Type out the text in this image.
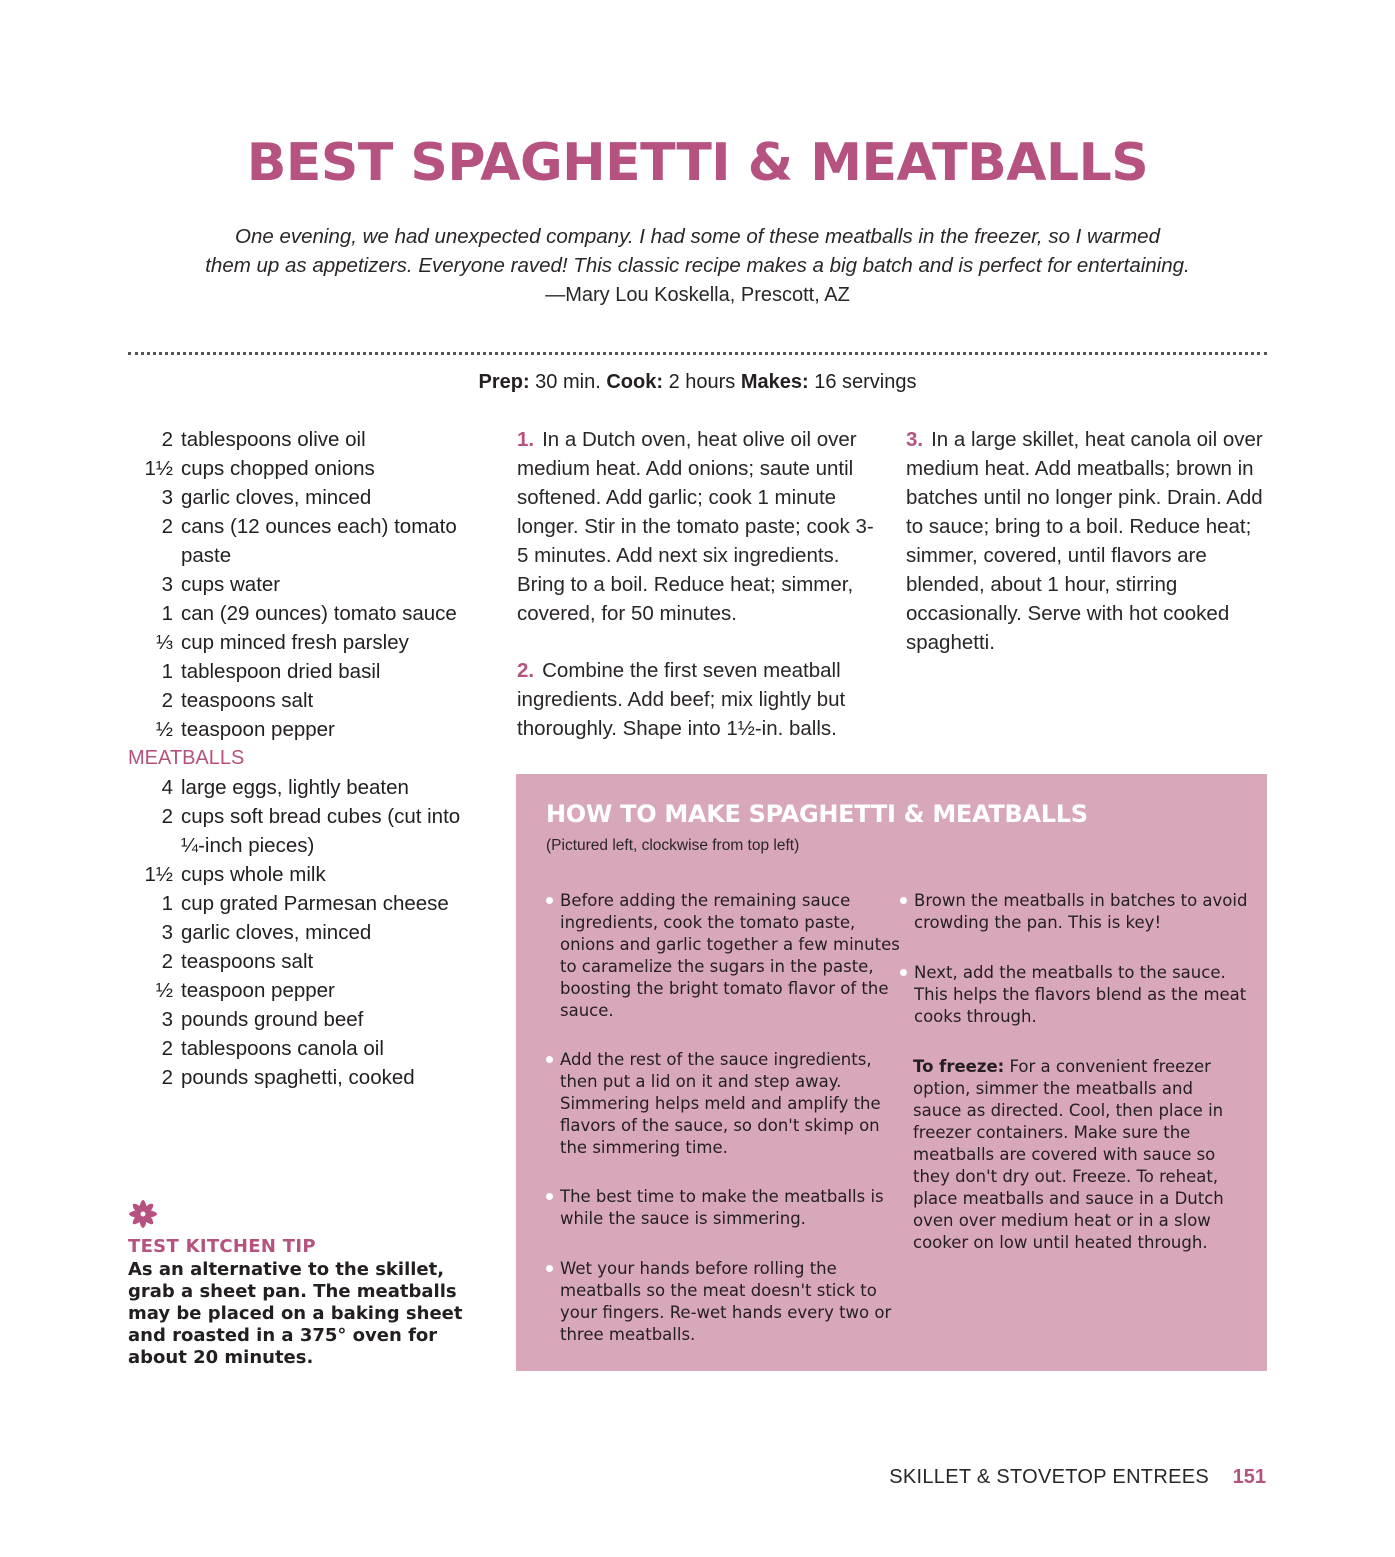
BEST SPAGHETTI & MEATBALLS
One evening, we had unexpected company. I had some of these meatballs in the freezer, so I warmed
them up as appetizers. Everyone raved! This classic recipe makes a big batch and is perfect for entertaining.
—Mary Lou Koskella, Prescott, AZ
Prep: 30 min. Cook: 2 hours Makes: 16 servings
2 tablespoons olive oil
1½ cups chopped onions
3 garlic cloves, minced
2 cans (12 ounces each) tomato paste
3 cups water
1 can (29 ounces) tomato sauce
⅓ cup minced fresh parsley
1 tablespoon dried basil
2 teaspoons salt
½ teaspoon pepper
MEATBALLS
4 large eggs, lightly beaten
2 cups soft bread cubes (cut into ¼-inch pieces)
1½ cups whole milk
1 cup grated Parmesan cheese
3 garlic cloves, minced
2 teaspoons salt
½ teaspoon pepper
3 pounds ground beef
2 tablespoons canola oil
2 pounds spaghetti, cooked
1. In a Dutch oven, heat olive oil over medium heat. Add onions; saute until softened. Add garlic; cook 1 minute longer. Stir in the tomato paste; cook 3-5 minutes. Add next six ingredients. Bring to a boil. Reduce heat; simmer, covered, for 50 minutes.
2. Combine the first seven meatball ingredients. Add beef; mix lightly but thoroughly. Shape into 1½-in. balls.
3. In a large skillet, heat canola oil over medium heat. Add meatballs; brown in batches until no longer pink. Drain. Add to sauce; bring to a boil. Reduce heat; simmer, covered, until flavors are blended, about 1 hour, stirring occasionally. Serve with hot cooked spaghetti.
TEST KITCHEN TIP
As an alternative to the skillet, grab a sheet pan. The meatballs may be placed on a baking sheet and roasted in a 375° oven for about 20 minutes.
HOW TO MAKE SPAGHETTI & MEATBALLS
(Pictured left, clockwise from top left)
Before adding the remaining sauce ingredients, cook the tomato paste, onions and garlic together a few minutes to caramelize the sugars in the paste, boosting the bright tomato flavor of the sauce.
Add the rest of the sauce ingredients, then put a lid on it and step away. Simmering helps meld and amplify the flavors of the sauce, so don't skimp on the simmering time.
The best time to make the meatballs is while the sauce is simmering.
Wet your hands before rolling the meatballs so the meat doesn't stick to your fingers. Re-wet hands every two or three meatballs.
Brown the meatballs in batches to avoid crowding the pan. This is key!
Next, add the meatballs to the sauce. This helps the flavors blend as the meat cooks through.
To freeze: For a convenient freezer option, simmer the meatballs and sauce as directed. Cool, then place in freezer containers. Make sure the meatballs are covered with sauce so they don't dry out. Freeze. To reheat, place meatballs and sauce in a Dutch oven over medium heat or in a slow cooker on low until heated through.
SKILLET & STOVETOP ENTREES 151
